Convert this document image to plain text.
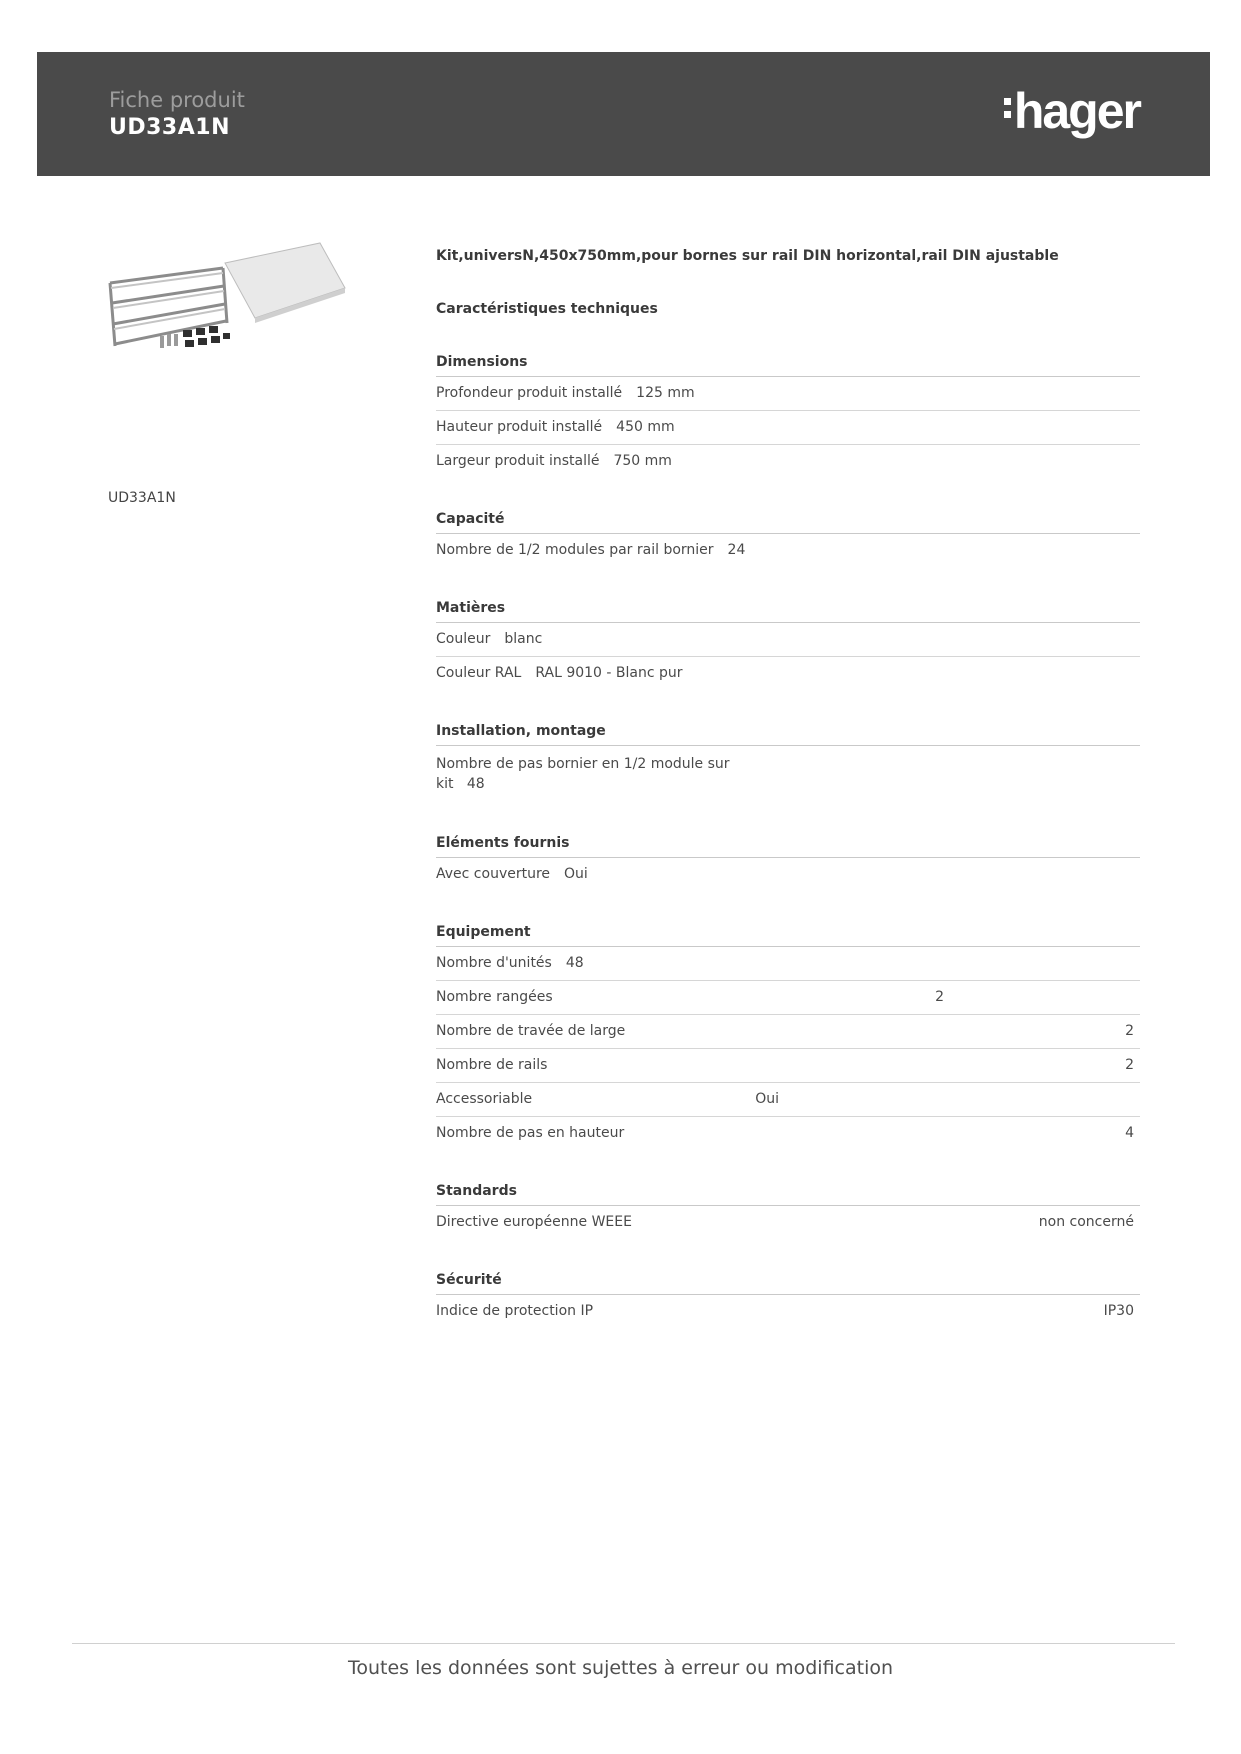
Fiche produit
UD33A1N	hager
UD33A1N
Kit,universN,450x750mm,pour bornes sur rail DIN horizontal,rail DIN ajustable
Caractéristiques techniques
Dimensions
Profondeur produit installé 125 mm
Hauteur produit installé 450 mm
Largeur produit installé 750 mm
Capacité
Nombre de 1/2 modules par rail bornier 24
Matières
Couleur blanc
Couleur RAL RAL 9010 - Blanc pur
Installation, montage
Nombre de pas bornier en 1/2 module sur kit 48
Eléments fournis
Avec couverture Oui
Equipement
Nombre d'unités 48
Nombre rangées	2
Nombre de travée de large	2
Nombre de rails	2
Accessoriable	Oui
Nombre de pas en hauteur	4
Standards
Directive européenne WEEE	non concerné
Sécurité
Indice de protection IP	IP30
Toutes les données sont sujettes à erreur ou modification
